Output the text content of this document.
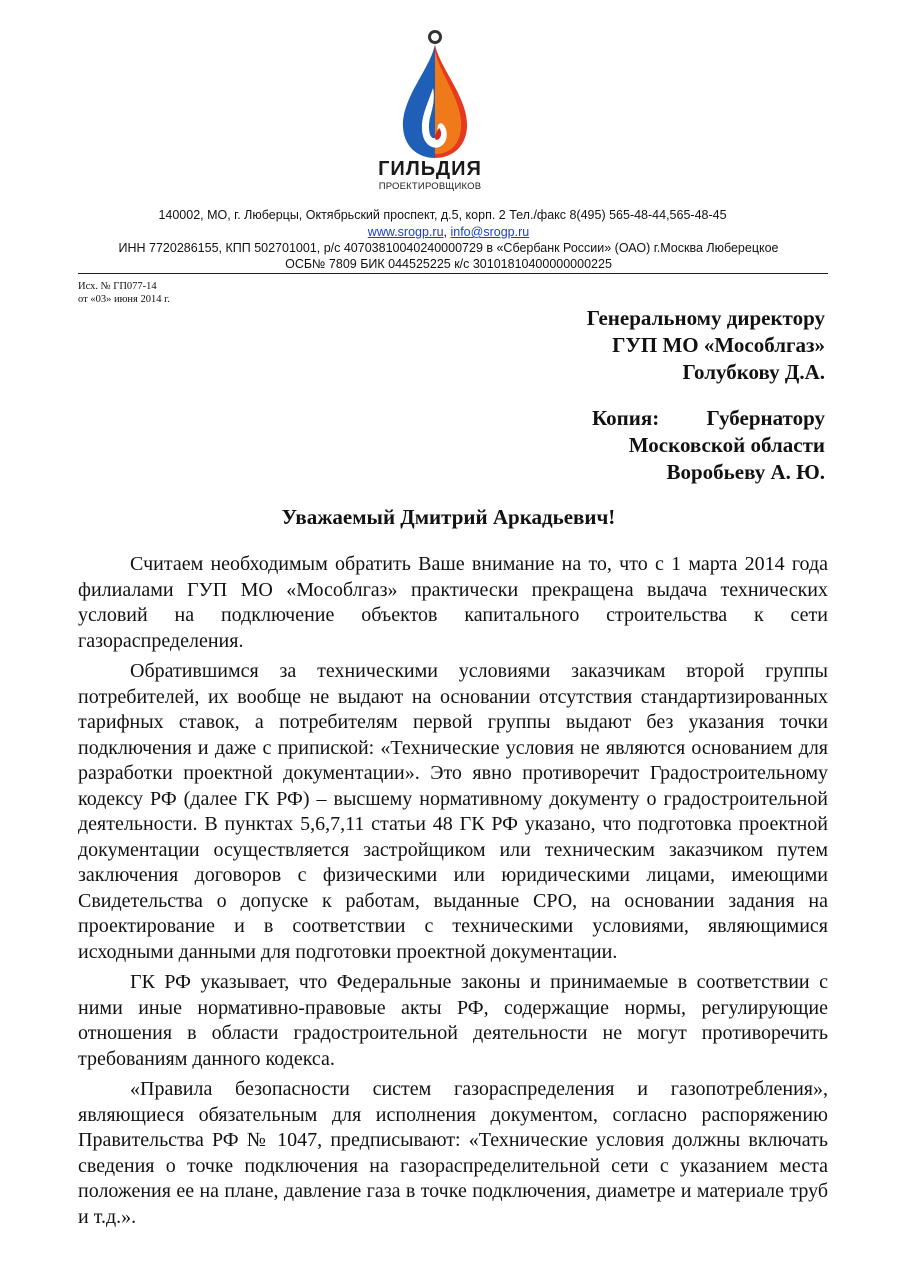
ГИЛЬДИЯ
ПРОЕКТИРОВЩИКОВ
140002, МО, г. Люберцы, Октябрьский проспект, д.5, корп. 2 Тел./факс 8(495) 565-48-44,565-48-45
www.srogp.ru, info@srogp.ru
ИНН 7720286155, КПП 502701001, р/с 40703810040240000729 в «Сбербанк России» (ОАО) г.Москва Люберецкое
ОСБ№ 7809 БИК 044525225 к/с 30101810400000000225
Исх. № ГП077-14
от «03» июня 2014 г.
Генеральному директору
ГУП МО «Мособлгаз»
Голубкову Д.А.
Копия:         Губернатору
Московской области
Воробьеву А. Ю.
Уважаемый Дмитрий Аркадьевич!

Считаем необходимым обратить Ваше внимание на то, что с 1 марта 2014 года филиалами ГУП МО «Мособлгаз» практически прекращена выдача технических условий на подключение объектов капитального строительства к сети газораспределения.

Обратившимся за техническими условиями заказчикам второй группы потребителей, их вообще не выдают на основании отсутствия стандартизированных тарифных ставок, а потребителям первой группы выдают без указания точки подключения и даже с припиской: «Технические условия не являются основанием для разработки проектной документации». Это явно противоречит Градостроительному кодексу РФ (далее ГК РФ) – высшему нормативному документу о градостроительной деятельности. В пунктах 5,6,7,11 статьи 48 ГК РФ указано, что подготовка проектной документации осуществляется застройщиком или техническим заказчиком путем заключения договоров с физическими или юридическими лицами, имеющими Свидетельства о допуске к работам, выданные СРО, на основании задания на проектирование и в соответствии с техническими условиями, являющимися исходными данными для подготовки проектной документации.

ГК РФ указывает, что Федеральные законы и принимаемые в соответствии с ними иные нормативно-правовые акты РФ, содержащие нормы, регулирующие отношения в области градостроительной деятельности не могут противоречить требованиям данного кодекса.

«Правила безопасности систем газораспределения и газопотребления», являющиеся обязательным для исполнения документом, согласно распоряжению Правительства РФ № 1047, предписывают: «Технические условия должны включать сведения о точке подключения на газораспределительной сети с указанием места положения ее на плане, давление газа в точке подключения, диаметре и материале труб и т.д.».
